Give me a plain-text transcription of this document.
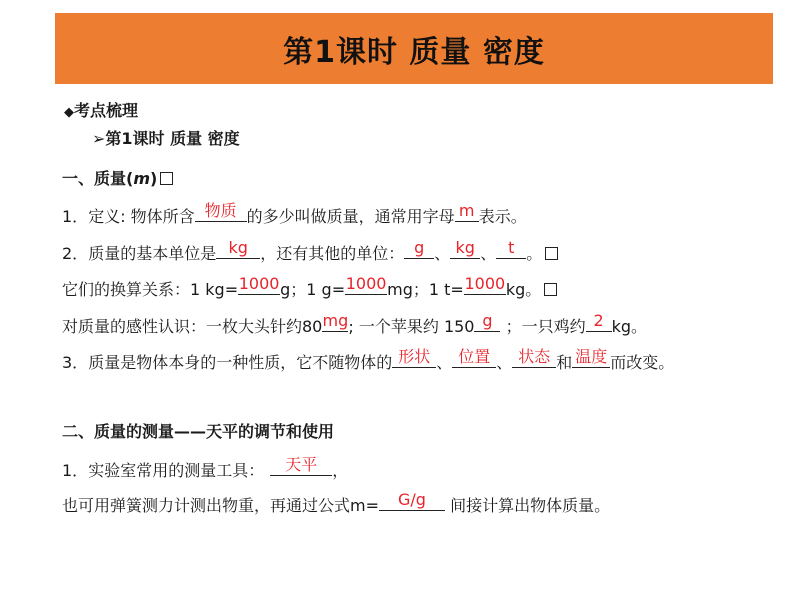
第1课时 质量 密度
◆考点梳理
➢第1课时 质量 密度
一、质量(m)
1．定义: 物体所含 物质 的多少叫做质量，通常用字母 m 表示。
2．质量的基本单位是 kg ，还有其他的单位： g 、 kg 、 t 。
它们的换算关系：1 kg= 1000 g；1 g= 1000 mg；1 t= 1000 kg。
对质量的感性认识：一枚大头针约80 mg ; 一个苹果约 150 g ；一只鸡约 2 kg。
3．质量是物体本身的一种性质，它不随物体的 形状 、 位置 、 状态 和 温度 而改变。
二、质量的测量——天平的调节和使用
1．实验室常用的测量工具：	天平 ，
也可用弹簧测力计测出物重，再通过公式m=	G/g	间接计算出物体质量。
